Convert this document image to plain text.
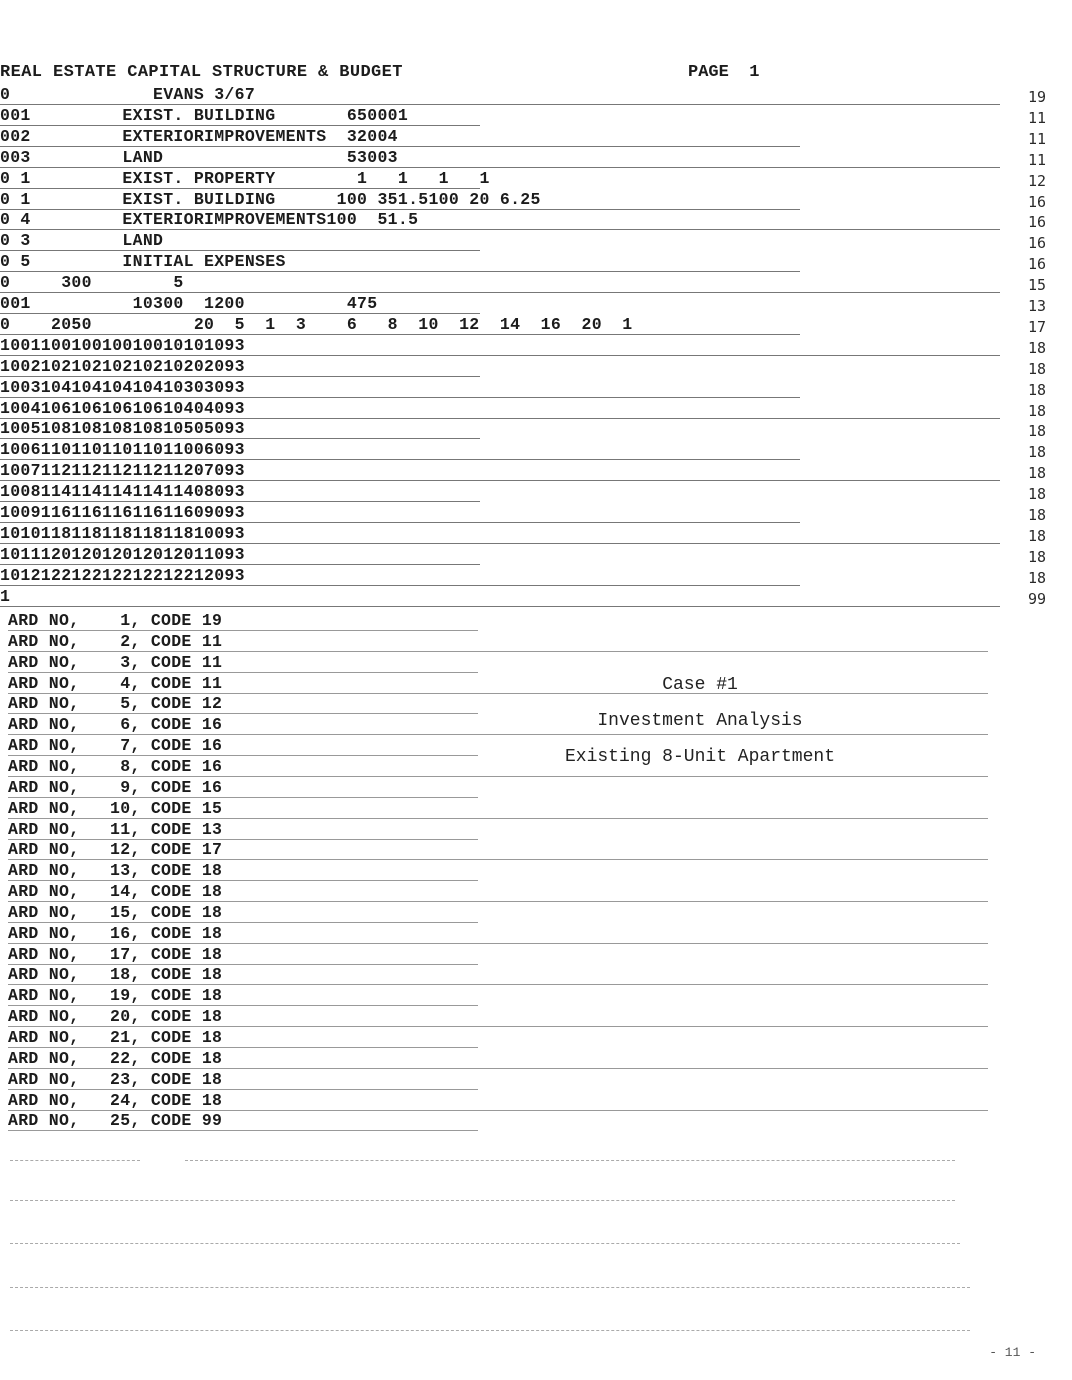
REAL ESTATE CAPITAL STRUCTURE & BUDGET	PAGE  1
0              EVANS 3/67	19
001         EXIST. BUILDING       650001	11
002         EXTERIORIMPROVEMENTS  32004	11
003         LAND                  53003	11
0 1         EXIST. PROPERTY        1   1   1   1	12
0 1         EXIST. BUILDING      100 351.5100 20 6.25	16
0 4         EXTERIORIMPROVEMENTS100  51.5	16
0 3         LAND	16
0 5         INITIAL EXPENSES	16
0     300        5	15
001          10300  1200          475	13
0    2050          20  5  1  3    6   8  10  12  14  16  20  1	17
100110010010010010101093	18
100210210210210210202093	18
100310410410410410303093	18
100410610610610610404093	18
100510810810810810505093	18
100611011011011011006093	18
100711211211211211207093	18
100811411411411411408093	18
100911611611611611609093	18
101011811811811811810093	18
101112012012012012011093	18
101212212212212212212093	18
1	99
ARD NO,    1, CODE 19
ARD NO,    2, CODE 11
ARD NO,    3, CODE 11
ARD NO,    4, CODE 11
ARD NO,    5, CODE 12
ARD NO,    6, CODE 16
ARD NO,    7, CODE 16
ARD NO,    8, CODE 16
ARD NO,    9, CODE 16
ARD NO,   10, CODE 15
ARD NO,   11, CODE 13
ARD NO,   12, CODE 17
ARD NO,   13, CODE 18
ARD NO,   14, CODE 18
ARD NO,   15, CODE 18
ARD NO,   16, CODE 18
ARD NO,   17, CODE 18
ARD NO,   18, CODE 18
ARD NO,   19, CODE 18
ARD NO,   20, CODE 18
ARD NO,   21, CODE 18
ARD NO,   22, CODE 18
ARD NO,   23, CODE 18
ARD NO,   24, CODE 18
ARD NO,   25, CODE 99
Case #1
Investment Analysis
Existing 8-Unit Apartment
- 11 -
